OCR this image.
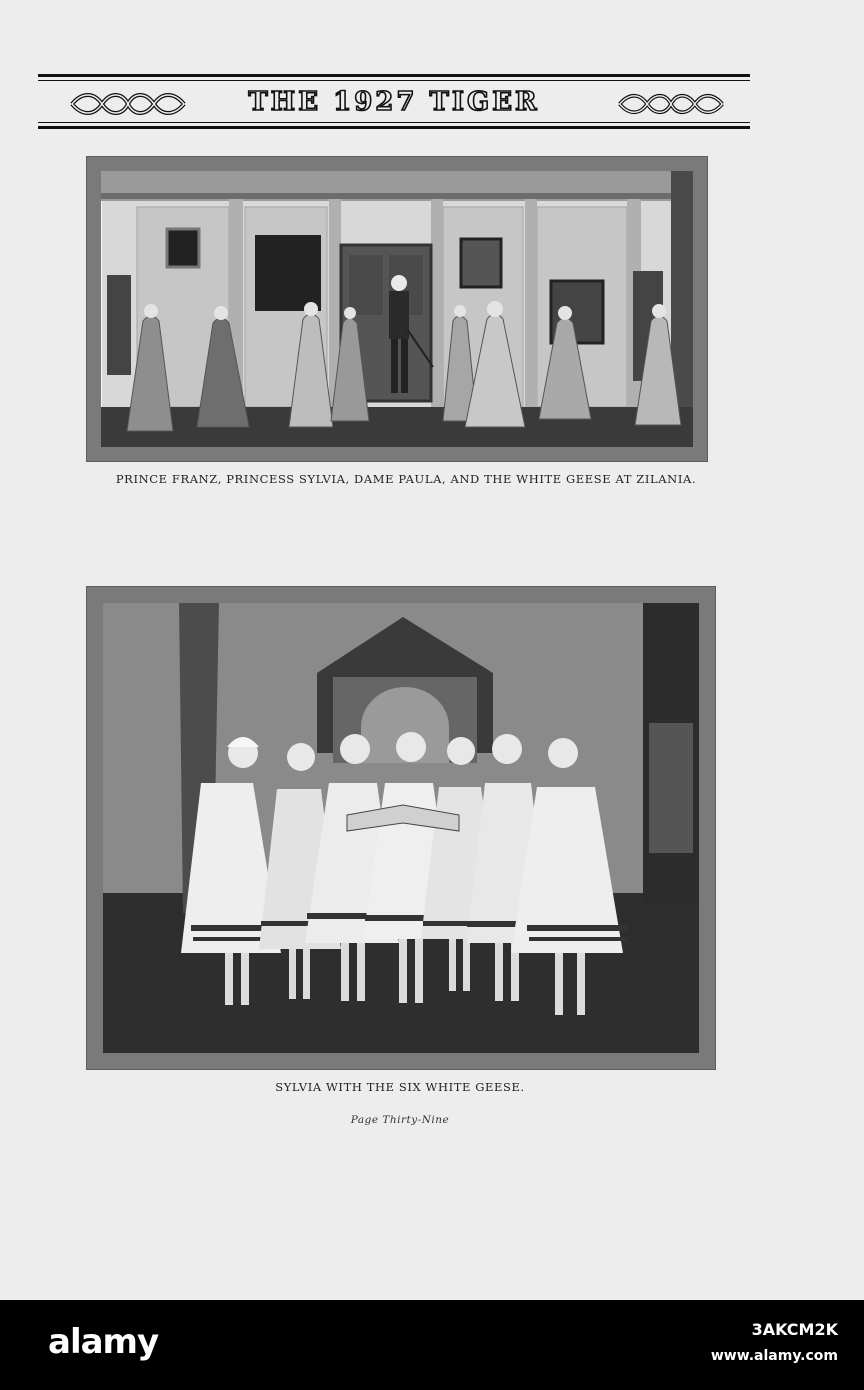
THE 1927 TIGER
PRINCE FRANZ, PRINCESS SYLVIA, DAME PAULA, AND THE WHITE GEESE AT ZILANIA.
SYLVIA WITH THE SIX WHITE GEESE.
Page Thirty-Nine
alamy	3AKCM2K
www.alamy.com
